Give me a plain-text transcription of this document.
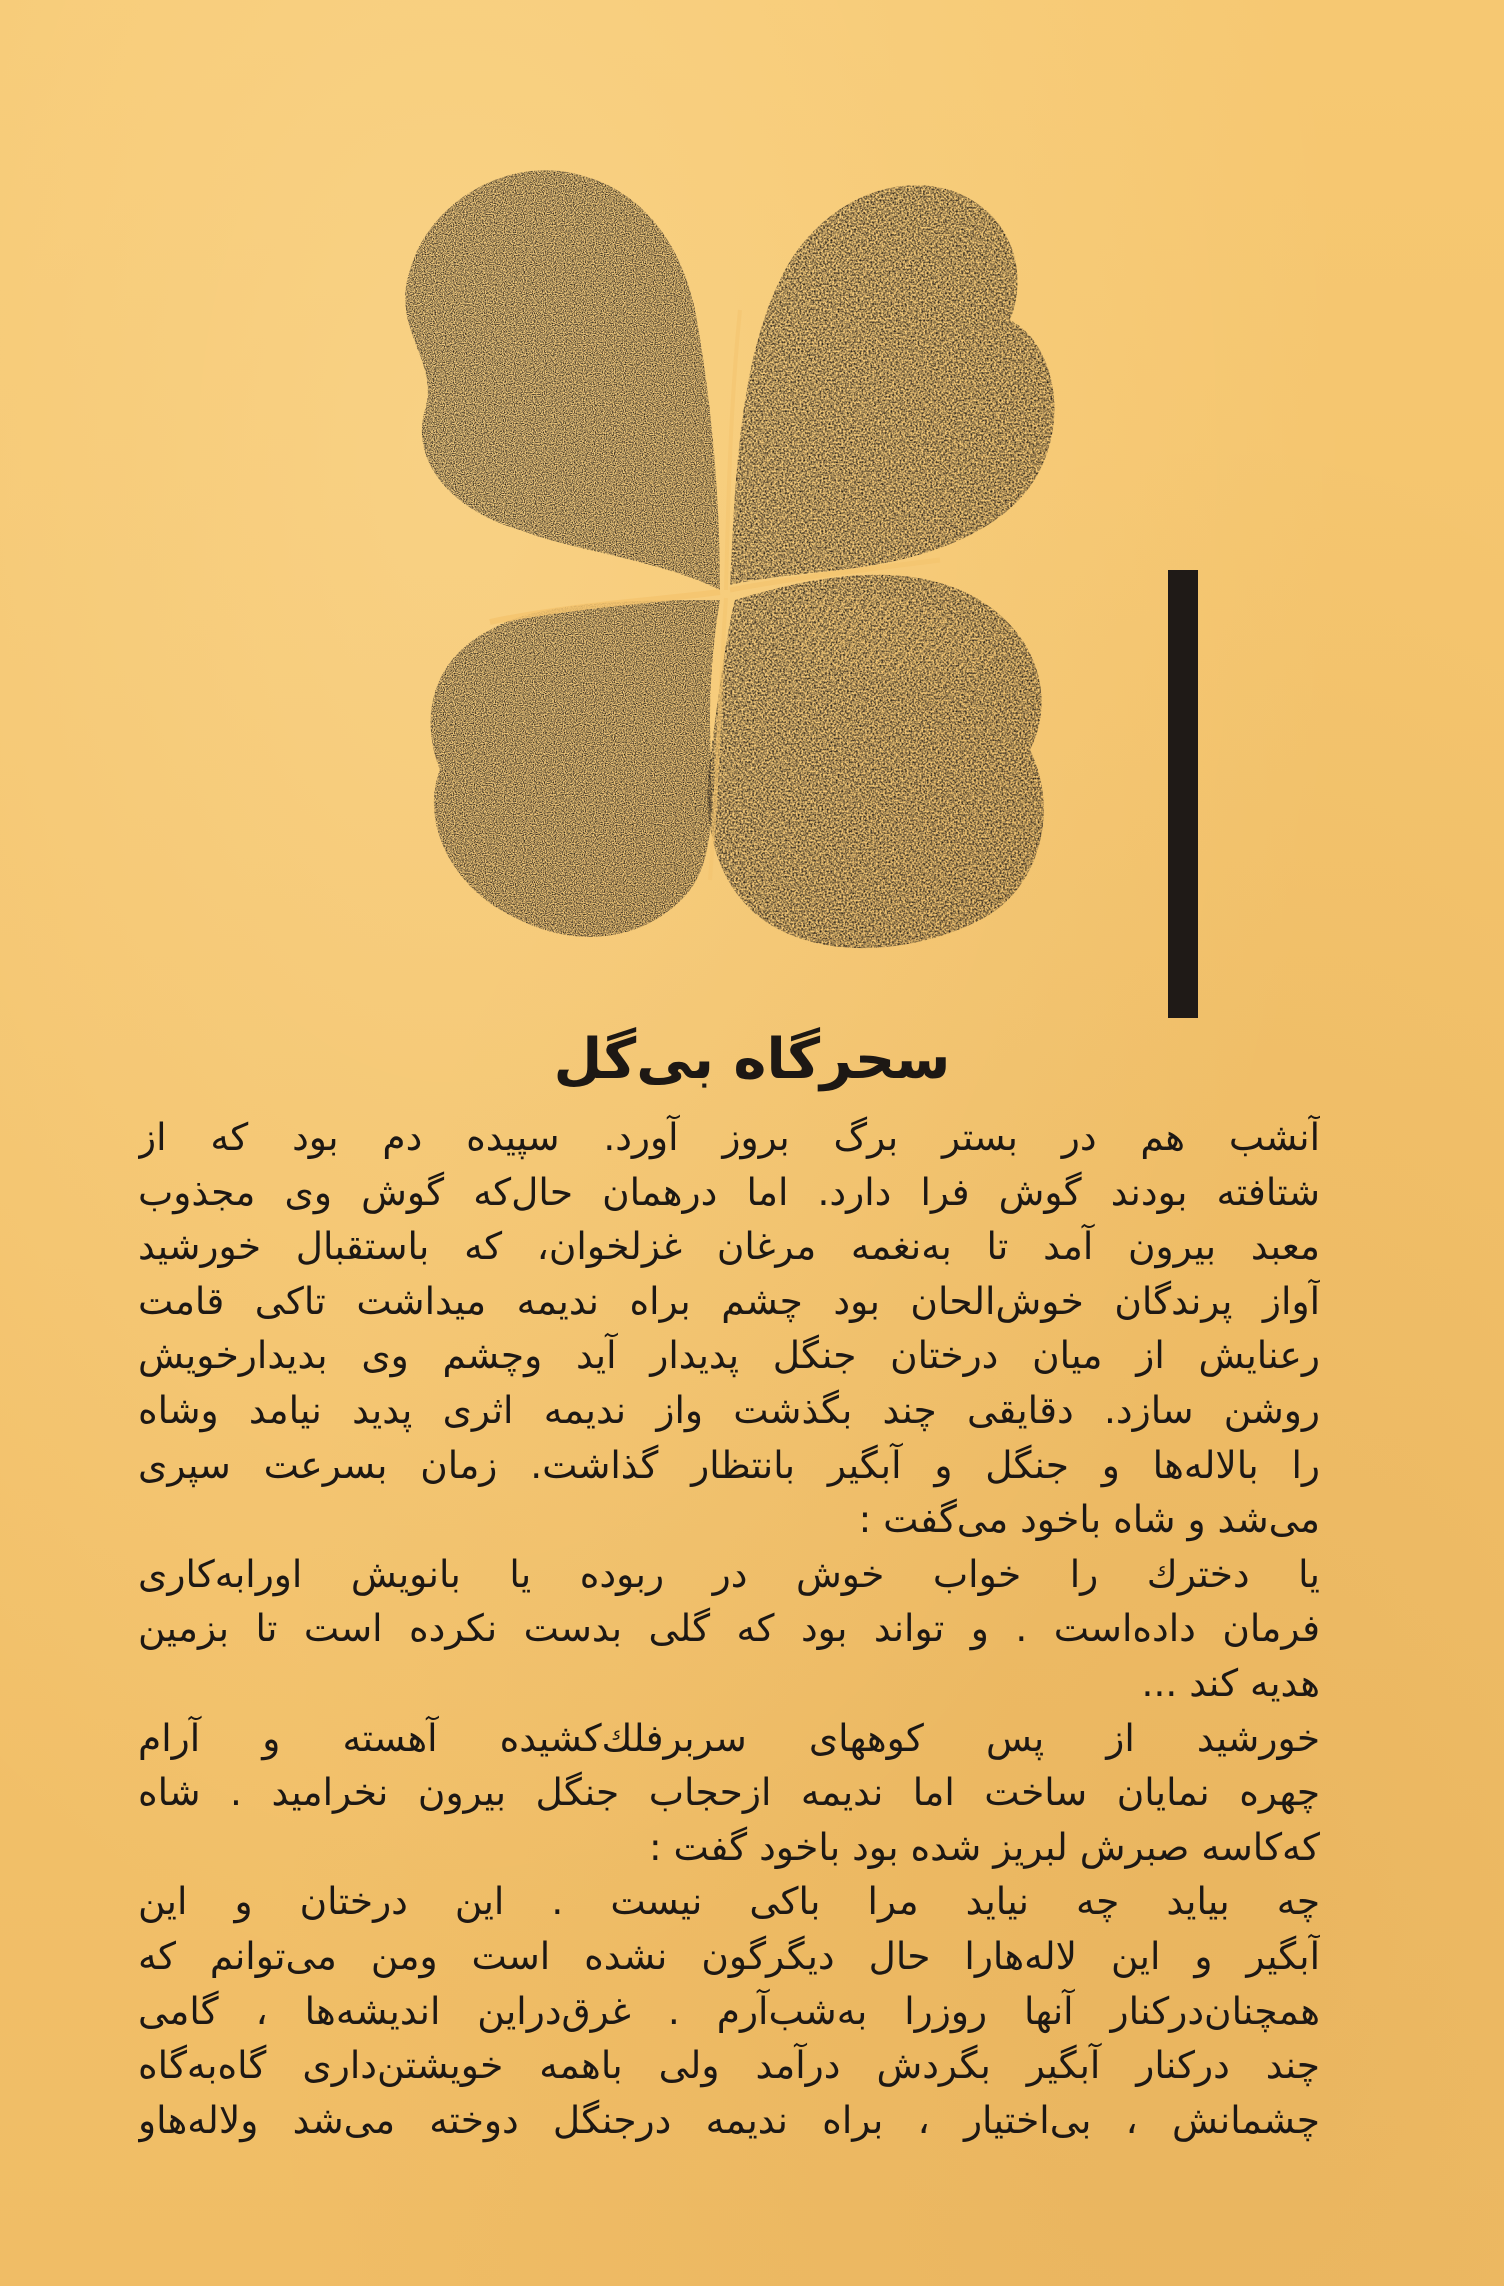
سحرگاه بی‌گل
آنشب هم در بستر برگ بروز آورد. سپیده دم بود که از
شتافته بودند گوش فرا دارد. اما درهمان حال‌که گوش وی مجذوب
معبد بیرون آمد تا به‌نغمه مرغان غزلخوان، که باستقبال خورشید
آواز پرندگان خوش‌الحان بود چشم براه ندیمه میداشت تاکی قامت
رعنایش از میان درختان جنگل پدیدار آید وچشم وی بدیدارخویش
روشن سازد. دقایقی چند بگذشت واز ندیمه اثری پدید نیامد وشاه
را بالاله‌ها و جنگل و آبگیر بانتظار گذاشت. زمان بسرعت سپری
می‌شد و شاه باخود می‌گفت :
یا دخترك را خواب خوش در ربوده یا بانویش اورابه‌کاری
فرمان داده‌است . و تواند بود که گلی بدست نکرده است تا بزمین
هدیه کند ...
خورشید از پس کوههای سربرفلك‌کشیده آهسته و آرام
چهره نمایان ساخت اما ندیمه ازحجاب جنگل بیرون نخرامید . شاه
که‌کاسه صبرش لبریز شده بود باخود گفت :
چه بیاید چه نیاید مرا باکی نیست . این درختان و این
آبگیر و این لاله‌هارا حال دیگرگون نشده است ومن می‌توانم که
همچنان‌درکنار آنها روزرا به‌شب‌آرم . غرق‌دراین اندیشه‌ها ، گامی
چند درکنار آبگیر بگردش درآمد ولی باهمه خویشتن‌داری گاه‌به‌گاه
چشمانش ، بی‌اختیار ، براه ندیمه درجنگل دوخته می‌شد ولاله‌هاو
